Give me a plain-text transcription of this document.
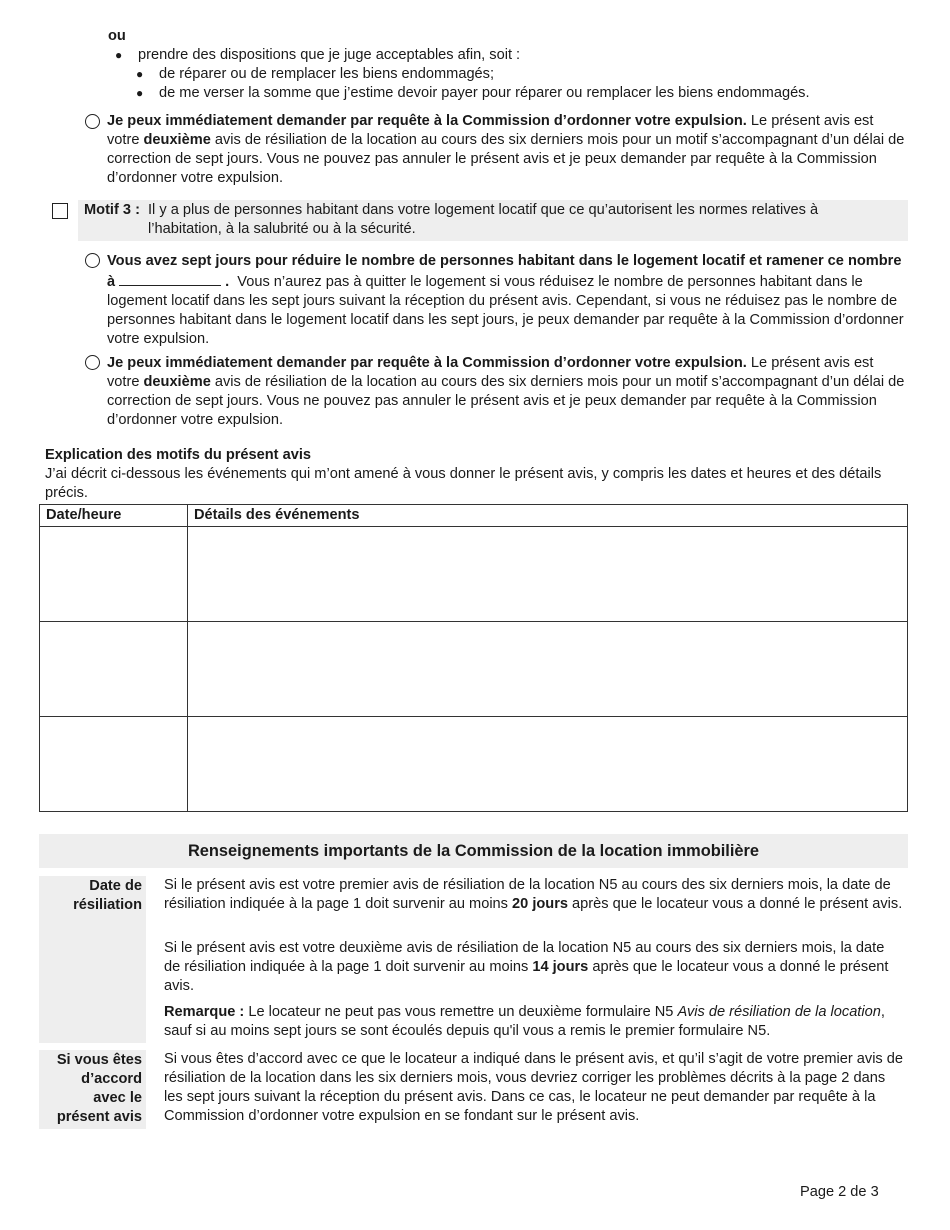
ou
● prendre des dispositions que je juge acceptables afin, soit :
● de réparer ou de remplacer les biens endommagés;
● de me verser la somme que j’estime devoir payer pour réparer ou remplacer les biens endommagés.

Je peux immédiatement demander par requête à la Commission d’ordonner votre expulsion. Le présent avis est votre deuxième avis de résiliation de la location au cours des six derniers mois pour un motif s’accompagnant d’un délai de correction de sept jours. Vous ne pouvez pas annuler le présent avis et je peux demander par requête à la Commission d’ordonner votre expulsion.

Motif 3 : Il y a plus de personnes habitant dans votre logement locatif que ce qu’autorisent les normes relatives à
l’habitation, à la salubrité ou à la sécurité.

Vous avez sept jours pour réduire le nombre de personnes habitant dans le logement locatif et ramener ce nombre à	. Vous n’aurez pas à quitter le logement si vous réduisez le nombre de personnes habitant dans le logement locatif dans les sept jours suivant la réception du présent avis. Cependant, si vous ne réduisez pas le nombre de personnes habitant dans le logement locatif dans les sept jours, je peux demander par requête à la Commission d’ordonner votre expulsion.

Je peux immédiatement demander par requête à la Commission d’ordonner votre expulsion. Le présent avis est votre deuxième avis de résiliation de la location au cours des six derniers mois pour un motif s’accompagnant d’un délai de correction de sept jours. Vous ne pouvez pas annuler le présent avis et je peux demander par requête à la Commission d’ordonner votre expulsion.

Explication des motifs du présent avis

J’ai décrit ci-dessous les événements qui m’ont amené à vous donner le présent avis, y compris les dates et heures et des détails précis.

Date/heure	Détails des événements

Renseignements importants de la Commission de la location immobilière
Date de
résiliation

Si le présent avis est votre premier avis de résiliation de la location N5 au cours des six derniers mois, la date de résiliation indiquée à la page 1 doit survenir au moins 20 jours après que le locateur vous a donné le présent avis.

Si le présent avis est votre deuxième avis de résiliation de la location N5 au cours des six derniers mois, la date de résiliation indiquée à la page 1 doit survenir au moins 14 jours après que le locateur vous a donné le présent avis.

Remarque : Le locateur ne peut pas vous remettre un deuxième formulaire N5 Avis de résiliation de la location, sauf si au moins sept jours se sont écoulés depuis qu'il vous a remis le premier formulaire N5.

Si vous êtes
d’accord
avec le
présent avis

Si vous êtes d’accord avec ce que le locateur a indiqué dans le présent avis, et qu’il s’agit de votre premier avis de résiliation de la location dans les six derniers mois, vous devriez corriger les problèmes décrits à la page 2 dans les sept jours suivant la réception du présent avis. Dans ce cas, le locateur ne peut demander par requête à la Commission d’ordonner votre expulsion en se fondant sur le présent avis.

Page 2 de 3
